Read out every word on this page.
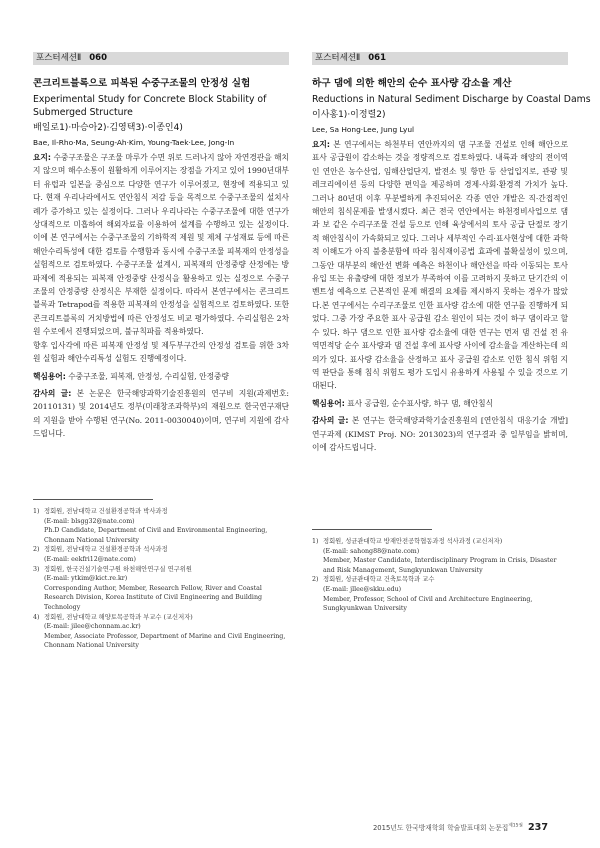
포스터세션Ⅱ 060
콘크리트블록으로 피복된 수중구조물의 안정성 실험
Experimental Study for Concrete Block Stability of
Submerged Structure
배일로1)·마승아2)·김영택3)·이종인4)
Bae, Il-Rho·Ma, Seung-Ah·Kim, Young-Taek·Lee, Jong-In

요지: 수중구조물은 구조물 마루가 수면 위로 드러나지 않아 자연경관을 해치지 않으며 해수소통이 원활하게 이루어지는 장점을 가지고 있어 1990년대부터 유럽과 일본을 중심으로 다양한 연구가 이루어졌고, 현장에 적용되고 있다. 현재 우리나라에서도 연안침식 저감 등을 목적으로 수중구조물의 설치사례가 증가하고 있는 실정이다. 그러나 우리나라는 수중구조물에 대한 연구가 상대적으로 미흡하여 해외자료를 이용하여 설계를 수행하고 있는 실정이다. 이에 본 연구에서는 수중구조물의 기하학적 제원 및 제체 구성재료 등에 따른 해안수리특성에 대한 검토를 수행함과 동시에 수중구조물 피복재의 안정성을 실험적으로 검토하였다. 수중구조물 설계시, 피복재의 안정중량 산정에는 방파제에 적용되는 피복재 안정중량 산정식을 활용하고 있는 실정으로 수중구조물의 안정중량 산정식은 부재한 실정이다. 따라서 본연구에서는 콘크리트블록과 Tetrapod를 적용한 피복재의 안정성을 실험적으로 검토하였다. 또한 콘크리트블록의 거치방법에 따른 안정성도 비교 평가하였다. 수리실험은 2차원 수로에서 진행되었으며, 불규칙파를 적용하였다.

향후 입사각에 따른 피복재 안정성 및 제두부구간의 안정성 검토를 위한 3차원 실험과 해안수리특성 실험도 진행예정이다.

핵심용어: 수중구조물, 피복재, 안정성, 수리실험, 안정중량

감사의 글: 본 논문은 한국해양과학기술진흥원의 연구비 지원(과제번호: 20110131) 및 2014년도 정부(미래창조과학부)의 재원으로 한국연구재단의 지원을 받아 수행된 연구(No. 2011-0030040)이며, 연구비 지원에 감사드립니다.

1) 정회원, 전남대학교 건설환경공학과 박사과정
(E-mail: blsgg32@nate.com)
Ph.D Candidate, Department of Civil and Environmental Engineering,
Chonnam National University
2) 정회원, 전남대학교 건설환경공학과 석사과정
(E-mail: eekfri12@nate.com)
3) 정회원, 한국건설기술연구원 하천해안연구실 연구위원
(E-mail: ytkim@kict.re.kr)
Corresponding Author, Member, Research Fellow, River and Coastal
Research Division, Korea Institute of Civil Engineering and Building
Technology
4) 정회원, 전남대학교 해양토목공학과 부교수 (교신저자)
(E-mail: jilee@chonnam.ac.kr)
Member, Associate Professor, Department of Marine and Civil Engineering,
Chonnam National University
포스터세션Ⅱ 061
하구 댐에 의한 해안의 순수 표사량 감소율 계산
Reductions in Natural Sediment Discharge by Coastal Dams
이사홍1)·이정렬2)
Lee, Sa Hong·Lee, Jung Lyul

요지: 본 연구에서는 하천부터 연안까지의 댐 구조물 건설로 인해 해안으로 표사 공급원이 감소하는 것을 정량적으로 검토하였다. 내륙과 해양의 전이역인 연안은 농수산업, 임해산업단지, 발전소 및 항만 등 산업입지로, 관광 및 레크리에이션 등의 다양한 편익을 제공하며 경제·사회·환경적 가치가 높다. 그러나 80년대 이후 무분별하게 추진되어온 각종 연안 개발은 직·간접적인 해안의 침식문제를 발생시켰다. 최근 전국 연안에서는 하천정비사업으로 댐과 보 같은 수리구조물 건설 등으로 인해 육상에서의 토사 공급 단절로 장기적 해안침식이 가속화되고 있다. 그러나 세부적인 수리·표사현상에 대한 과학적 이해도가 아직 불충분함에 따라 침식재이공법 효과에 불확실성이 있으며, 그동안 대부분의 해안선 변화 예측은 하천이나 해안선을 따라 이동되는 토사 유입 또는 유출량에 대한 정보가 부족하여 이를 고려하지 못하고 단기간의 이벤트성 예측으로 근본적인 문제 해결의 요체를 제시하지 못하는 경우가 많았다.본 연구에서는 수리구조물로 인한 표사량 감소에 대한 연구를 진행하게 되었다. 그중 가장 주요한 표사 공급원 감소 원인이 되는 것이 하구 댐이라고 할 수 있다. 하구 댐으로 인한 표사량 감소율에 대한 연구는 먼저 댐 건설 전 유역면적당 순수 표사량과 댐 건설 후에 표사량 사이에 감소율을 계산하는데 의의가 있다. 표사량 감소율을 산정하고 표사 공급원 감소로 인한 침식 위험 지역 판단을 통해 침식 위험도 평가 도입시 유용하게 사용될 수 있을 것으로 기대된다.

핵심용어: 표사 공급원, 순수표사량, 하구 댐, 해안침식

감사의 글: 본 연구는 한국해양과학기술진흥원의 [연안침식 대응기술 개발] 연구과제 (KIMST Proj. NO: 2013023)의 연구결과 중 일부임을 밝히며, 이에 감사드립니다.

1) 정회원, 성균관대학교 방재안전공학협동과정 석사과정 (교신저자)
(E-mail: sahong88@nate.com)
Member, Master Candidate, Interdisciplinary Program in Crisis, Disaster
and Risk Management, Sungkyunkwan University
2) 정회원, 성균관대학교 건축토목학과 교수
(E-mail: jllee@skku.edu)
Member, Professor, School of Civil and Architecture Engineering,
Sungkyunkwan University
2015년도 한국방재학회 학술발표대회 논문집$^{제15권}$ 237
